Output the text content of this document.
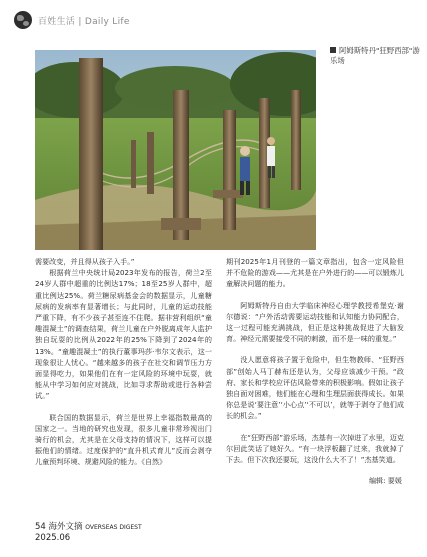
百姓生活 | Daily Life
阿姆斯特丹"狂野西部"游乐场

需要改变，并且得从孩子入手。”

根据荷兰中央统计局2023年发布的报告，荷兰2至24岁人群中超重的比例达17%；18至25岁人群中，超重比例达25%。荷兰糖尿病基金会的数据显示，儿童糖尿病的发病率有显著增长；与此同时，儿童的运动技能严重下降，有不少孩子甚至连不住爬。据非营利组织“童趣混凝土”的调查结果，荷兰儿童在户外脱离成年人监护独自玩耍的比例从2022年的25%下降到了2024年的13%。“童趣混凝土”的执行董事玛莎·韦尔文表示，这一现象很让人忧心。“越来越多的孩子在社交和调节压力方面显得吃力，如果他们在有一定风险的环境中玩耍，就能从中学习如何应对挑战，比如寻求帮助或进行各种尝试。”

联合国的数据显示，荷兰是世界上幸福指数最高的国家之一。当地的研究也发现，很多儿童非常珍视出门骑行的机会，尤其是在父母支持的情况下，这样可以提振他们的情绪。过度保护的“直升机式育儿”反而会剥夺儿童预判环境、规避风险的能力。《自然》

期刊2025年1月刊登的一篇文章指出，包含一定风险但并不危险的游戏——尤其是在户外进行的——可以锻炼儿童解决问题的能力。

阿姆斯特丹自由大学临床神经心理学教授希堡克·谢尔德说：“户外活动需要运动技能和认知能力协同配合，这一过程可能充满挑战，但正是这种挑战促进了大脑发育。神经元需要接受不同的刺激，而不是一味的重复。”

没人愿意将孩子置于危险中，但生物教师、“狂野西部”创始人马丁赫布还是认为，父母应该减少干预。“政府、家长和学校应评估风险带来的积极影响。假如让孩子独自面对困难，他们能在心理和生理层面获得成长。如果你总是说‘要注意’‘小心点’‘不可以’，就等于剥夺了他们成长的机会。”

在“狂野西部”游乐场，杰基有一次掉进了水里，迈克尔回此笑话了她好久。“有一块浮板翻了过来，我就掉了下去。但下次我还要玩，这没什么大不了！”杰基笑道。

编辑: 要媛

54 海外文摘 OVERSEAS DIGEST
2025.06
